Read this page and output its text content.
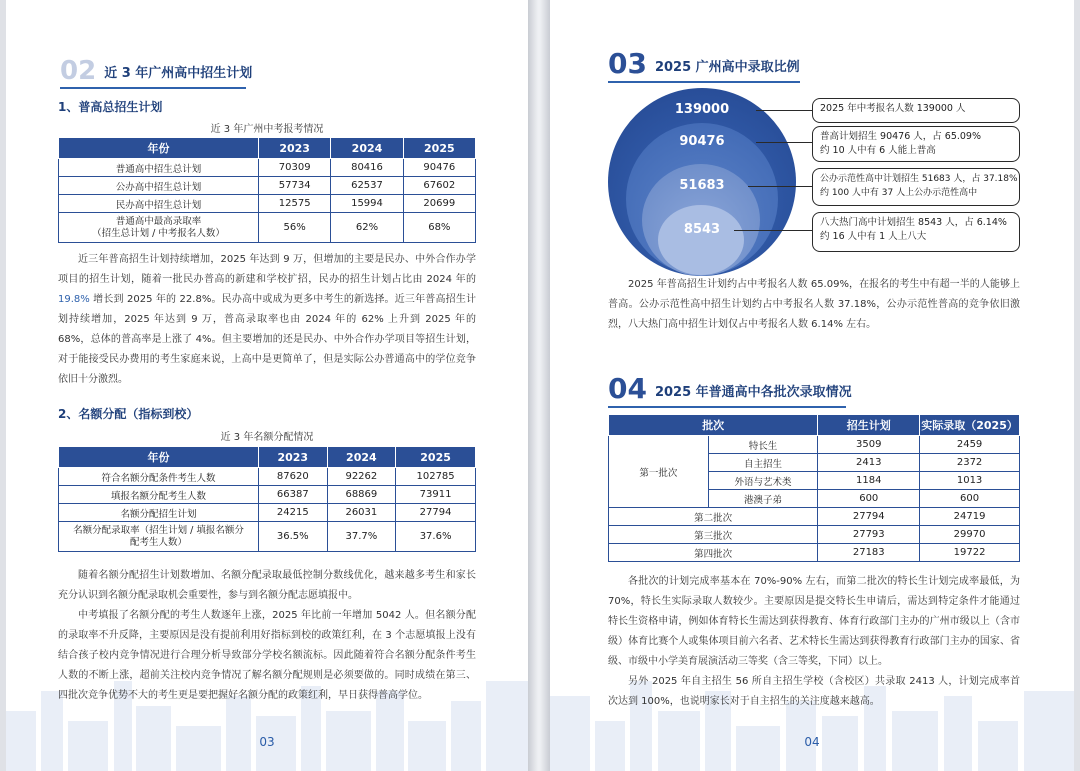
02 近 3 年广州高中招生计划
1、普高总招生计划
近 3 年广州中考报考情况
年份	2023	2024	2025
普通高中招生总计划	70309	80416	90476
公办高中招生总计划	57734	62537	67602
民办高中招生总计划	12575	15994	20699

普通高中最高录取率
（招生总计划 / 中考报名人数）	56%	62%	68%

近三年普高招生计划持续增加，2025 年达到 9 万，但增加的主要是民办、中外合作办学项目的招生计划，随着一批民办普高的新建和学校扩招，民办的招生计划占比由 2024 年的 19.8% 增长到 2025 年的 22.8%。民办高中或成为更多中考生的新选择。近三年普高招生计划持续增加，2025 年达到 9 万，普高录取率也由 2024 年的 62% 上升到 2025 年的 68%，总体的普高率是上涨了 4%。但主要增加的还是民办、中外合作办学项目等招生计划，对于能接受民办费用的考生家庭来说，上高中是更简单了，但是实际公办普通高中的学位竞争依旧十分激烈。

2、名额分配（指标到校）
近 3 年名额分配情况
年份	2023	2024	2025
符合名额分配条件考生人数	87620	92262	102785
填报名额分配考生人数	66387	68869	73911
名额分配招生计划	24215	26031	27794

名额分配录取率（招生计划 / 填报名额分
配考生人数）	36.5%	37.7%	37.6%

随着名额分配招生计划数增加、名额分配录取最低控制分数线优化，越来越多考生和家长充分认识到名额分配录取机会重要性，参与到名额分配志愿填报中。

中考填报了名额分配的考生人数逐年上涨，2025 年比前一年增加 5042 人。但名额分配的录取率不升反降，主要原因是没有提前利用好指标到校的政策红利，在 3 个志愿填报上没有结合孩子校内竞争情况进行合理分析导致部分学校名额流标。因此随着符合名额分配条件考生人数的不断上涨，超前关注校内竞争情况了解名额分配规则是必须要做的。同时成绩在第三、四批次竞争优势不大的考生更是要把握好名额分配的政策红利，早日获得普高学位。

03
03 2025 广州高中录取比例
139000
90476
51683
8543
2025 年中考报名人数 139000 人
普高计划招生 90476 人，占 65.09%
约 10 人中有 6 人能上普高
公办示范性高中计划招生 51683 人，占 37.18%
约 100 人中有 37 人上公办示范性高中
八大热门高中计划招生 8543 人，占 6.14%
约 16 人中有 1 人上八大

2025 年普高招生计划约占中考报名人数 65.09%，在报名的考生中有超一半的人能够上普高。公办示范性高中招生计划约占中考报名人数 37.18%，公办示范性普高的竞争依旧激烈，八大热门高中招生计划仅占中考报名人数 6.14% 左右。

04 2025 年普通高中各批次录取情况
批次		招生计划	实际录取（2025）
第一批次	特长生	3509	2459
	自主招生	2413	2372
	外语与艺术类	1184	1013
	港澳子弟	600	600
第二批次		27794	24719
第三批次		27793	29970
第四批次		27183	19722

各批次的计划完成率基本在 70%-90% 左右，而第二批次的特长生计划完成率最低，为 70%，特长生实际录取人数较少。主要原因是提交特长生申请后，需达到特定条件才能通过特长生资格申请，例如体育特长生需达到获得教育、体育行政部门主办的广州市级以上（含市级）体育比赛个人或集体项目前六名者、艺术特长生需达到获得教育行政部门主办的国家、省级、市级中小学美育展演活动三等奖（含三等奖，下同）以上。

另外 2025 年自主招生 56 所自主招生学校（含校区）共录取 2413 人，计划完成率首次达到 100%，也说明家长对于自主招生的关注度越来越高。

04
